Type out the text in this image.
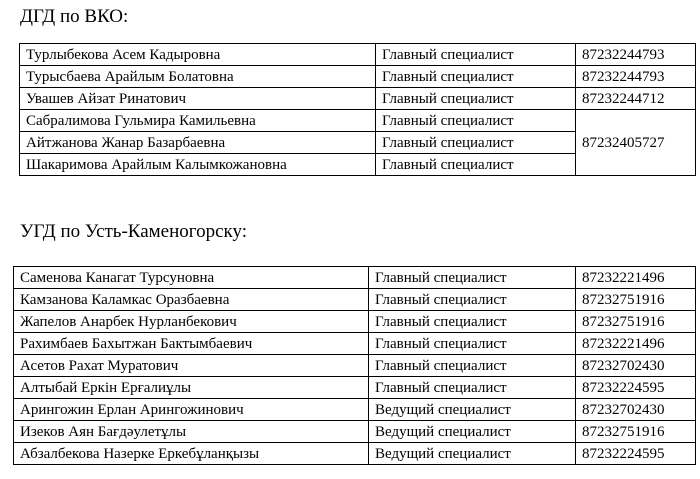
ДГД по ВКО:
Турлыбекова Асем Кадыровна	Главный специалист	87232244793
Турысбаева Арайлым Болатовна	Главный специалист	87232244793
Увашев Айзат Ринатович	Главный специалист	87232244712
Сабралимова Гульмира Камильевна	Главный специалист	87232405727
Айтжанова Жанар Базарбаевна	Главный специалист	
Шакаримова Арайлым Калымкожановна	Главный специалист	
УГД по Усть-Каменогорску:
Саменова Канагат Турсуновна	Главный специалист	87232221496
Камзанова Каламкас Оразбаевна	Главный специалист	87232751916
Жапелов Анарбек Нурланбекович	Главный специалист	87232751916
Рахимбаев Бахытжан Бактымбаевич	Главный специалист	87232221496
Асетов Рахат Муратович	Главный специалист	87232702430
Алтыбай Еркін Ерғалиұлы	Главный специалист	87232224595
Арингожин Ерлан Арингожинович	Ведущий специалист	87232702430
Изеков Аян Бағдәулетұлы	Ведущий специалист	87232751916
Абзалбекова Назерке Еркебұланқызы	Ведущий специалист	87232224595
